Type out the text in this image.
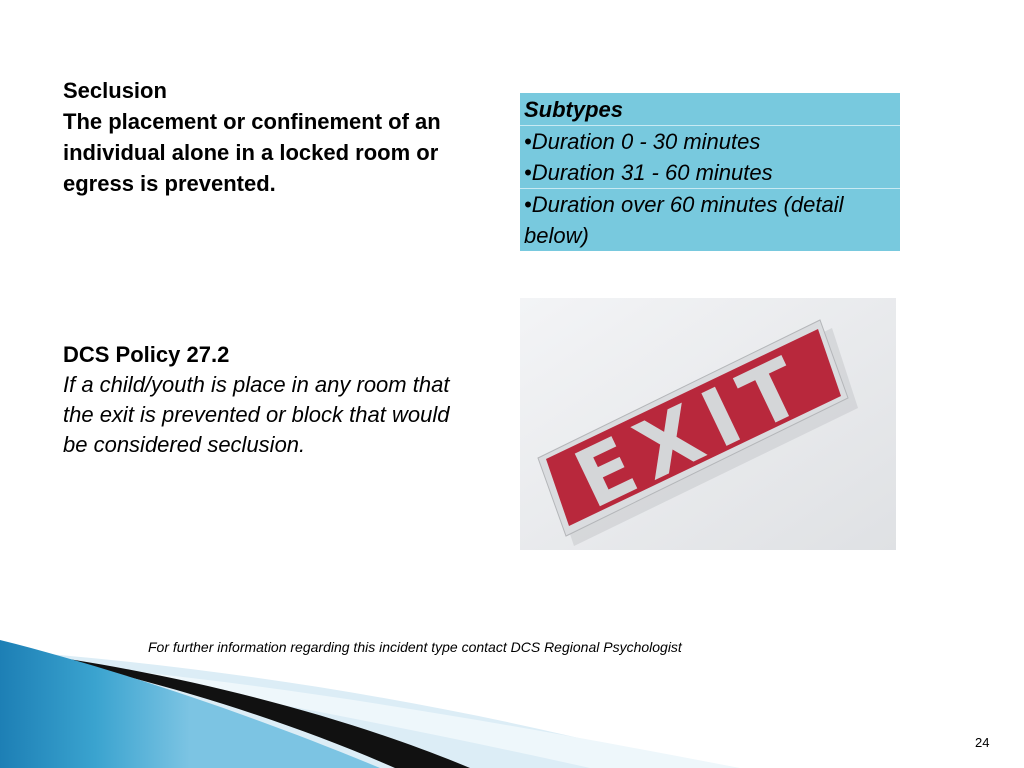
Seclusion
The placement or confinement of an individual alone in a locked room or egress is prevented.
Subtypes
•Duration 0 - 30 minutes
•Duration 31 - 60 minutes
•Duration over 60 minutes (detail below)
DCS Policy 27.2
If a child/youth is place in any room that the exit is prevented or block that would be considered seclusion.	EXIT
For further information regarding this incident type contact DCS Regional Psychologist
24
